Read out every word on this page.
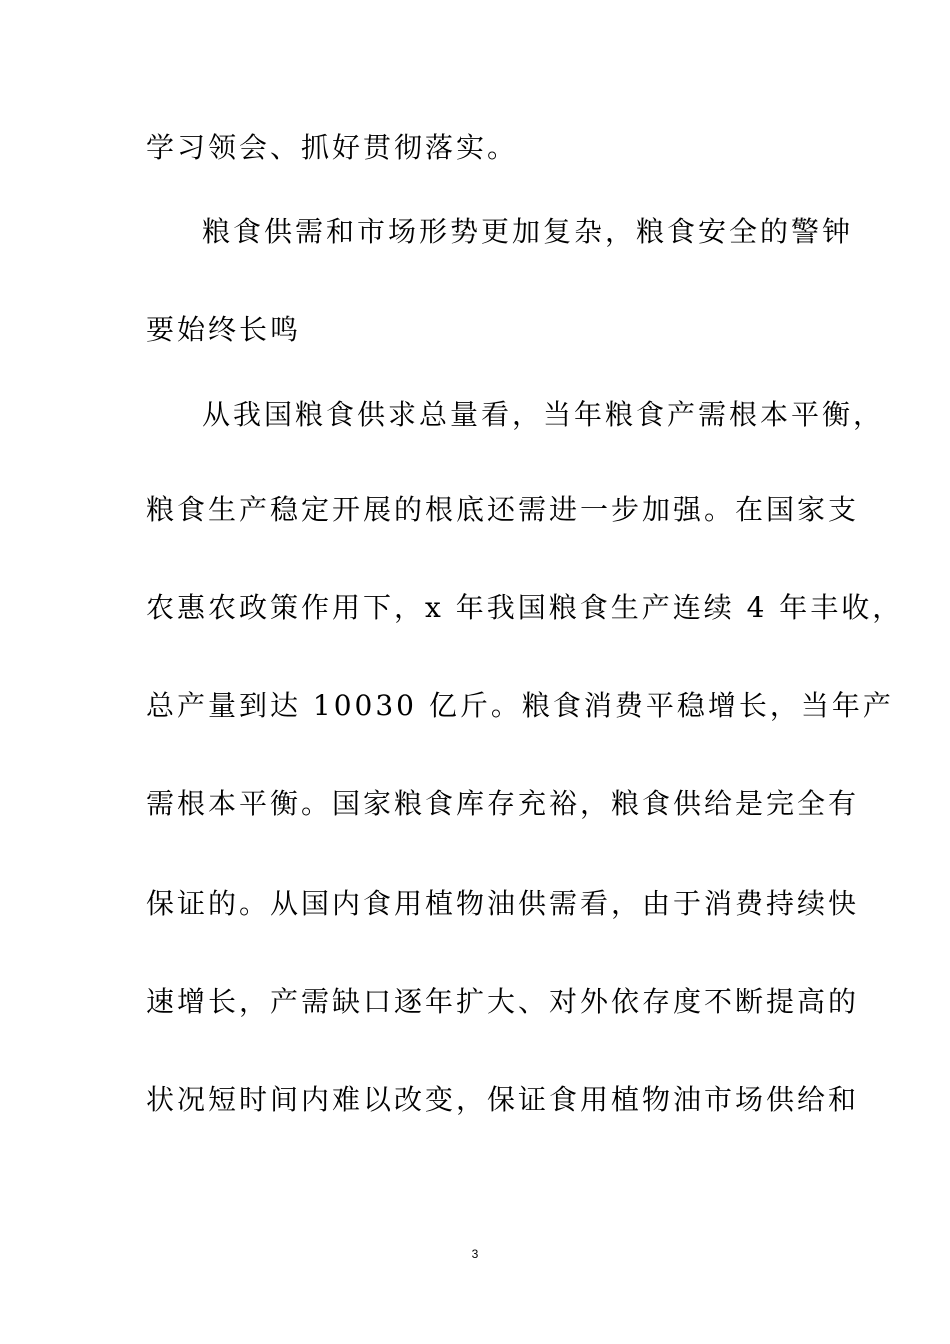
学习领会、抓好贯彻落实。
粮食供需和市场形势更加复杂，粮食安全的警钟
要始终长鸣
从我国粮食供求总量看，当年粮食产需根本平衡，
粮食生产稳定开展的根底还需进一步加强。在国家支
农惠农政策作用下，x 年我国粮食生产连续 4 年丰收，
总产量到达 10030 亿斤。粮食消费平稳增长，当年产
需根本平衡。国家粮食库存充裕，粮食供给是完全有
保证的。从国内食用植物油供需看，由于消费持续快
速增长，产需缺口逐年扩大、对外依存度不断提高的
状况短时间内难以改变，保证食用植物油市场供给和
3
